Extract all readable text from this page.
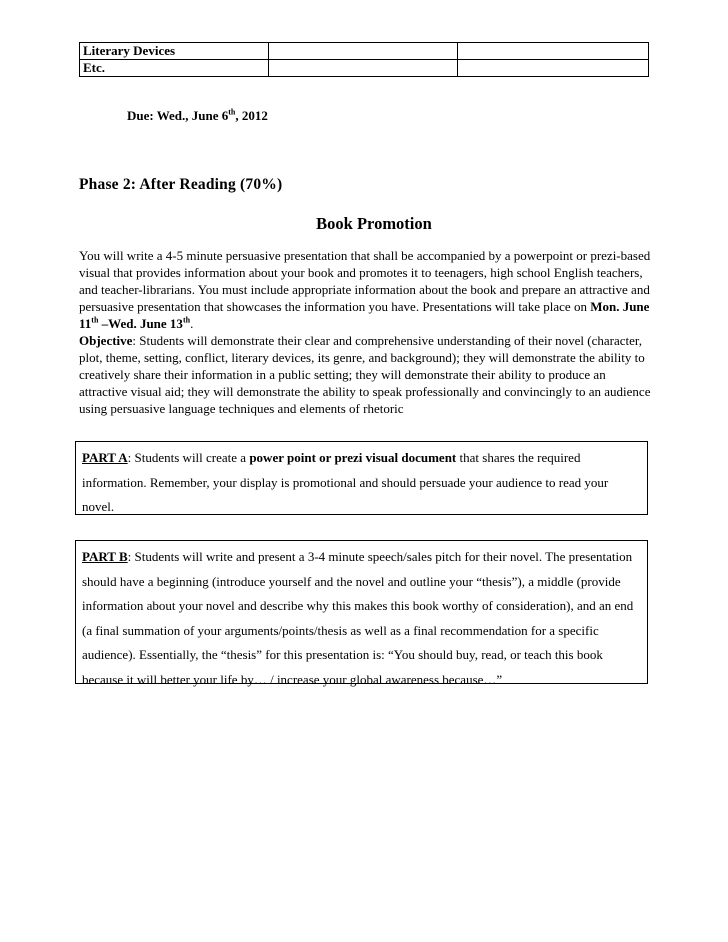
Literary Devices		
Etc.		
Due: Wed., June 6th, 2012
Phase 2: After Reading (70%)
Book Promotion
You will write a 4-5 minute persuasive presentation that shall be accompanied by a powerpoint or prezi-based visual that provides information about your book and promotes it to teenagers, high school English teachers, and teacher-librarians. You must include appropriate information about the book and prepare an attractive and persuasive presentation that showcases the information you have. Presentations will take place on Mon. June 11th –Wed. June 13th.
Objective: Students will demonstrate their clear and comprehensive understanding of their novel (character, plot, theme, setting, conflict, literary devices, its genre, and background); they will demonstrate the ability to creatively share their information in a public setting; they will demonstrate their ability to produce an attractive visual aid; they will demonstrate the ability to speak professionally and convincingly to an audience using persuasive language techniques and elements of rhetoric
PART A: Students will create a power point or prezi visual document that shares the required information. Remember, your display is promotional and should persuade your audience to read your novel.
PART B: Students will write and present a 3-4 minute speech/sales pitch for their novel. The presentation should have a beginning (introduce yourself and the novel and outline your “thesis”), a middle (provide information about your novel and describe why this makes this book worthy of consideration), and an end (a final summation of your arguments/points/thesis as well as a final recommendation for a specific audience). Essentially, the “thesis” for this presentation is: “You should buy, read, or teach this book because it will better your life by… / increase your global awareness because…”
